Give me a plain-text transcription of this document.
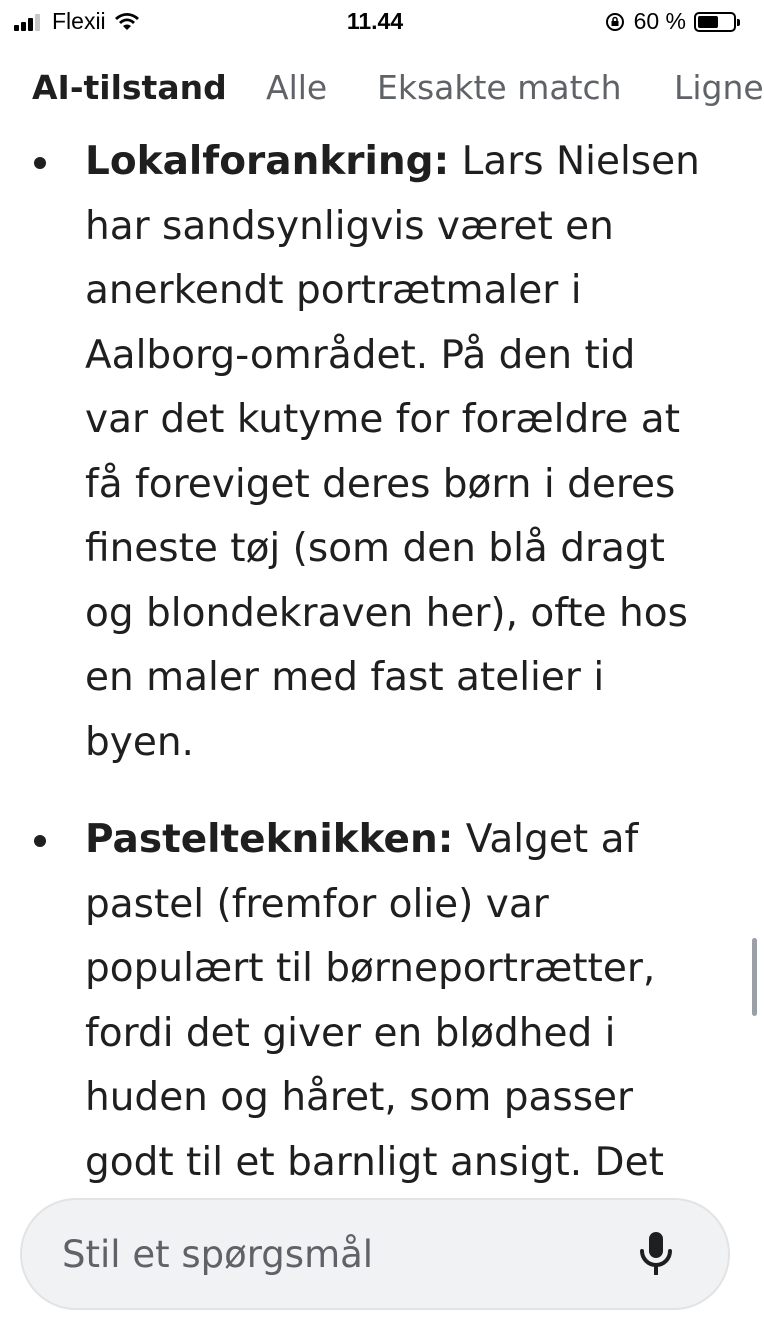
Flexii	11.44	60 %
AI-tilstand Alle Eksakte match Ligne
Lokalforankring: Lars Nielsen har sandsynligvis været en anerkendt portrætmaler i Aalborg-området. På den tid var det kutyme for forældre at få foreviget deres børn i deres fineste tøj (som den blå dragt og blondekraven her), ofte hos en maler med fast atelier i byen.
Pastelteknikken: Valget af pastel (fremfor olie) var populært til børneportrætter, fordi det giver en blødhed i huden og håret, som passer godt til et barnligt ansigt. Det
Stil et spørgsmål
